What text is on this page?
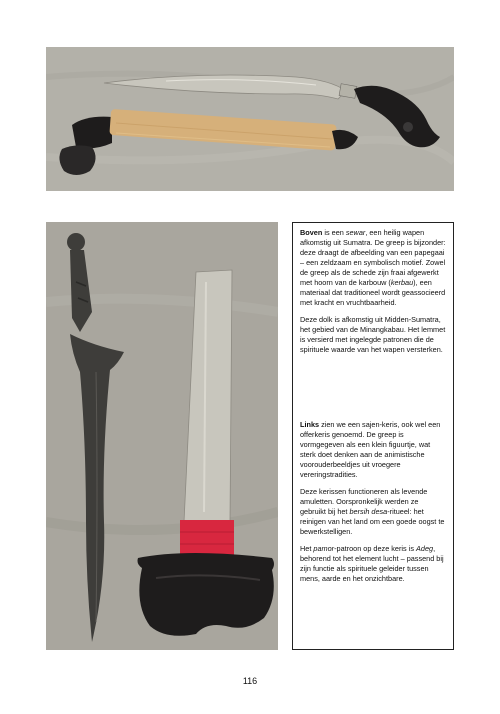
Boven is een sewar, een heilig wapen afkomstig uit Sumatra. De greep is bijzonder: deze draagt de afbeelding van een papegaai – een zeldzaam en symbolisch motief. Zowel de greep als de schede zijn fraai afgewerkt met hoorn van de karbouw (kerbau), een materiaal dat traditioneel wordt geassocieerd met kracht en vruchtbaarheid.

Deze dolk is afkomstig uit Midden-Sumatra, het gebied van de Minangkabau. Het lemmet is versierd met ingelegde patronen die de spirituele waarde van het wapen versterken.

Links zien we een sajen-keris, ook wel een offerkeris genoemd. De greep is vormgegeven als een klein figuurtje, wat sterk doet denken aan de animistische voorouderbeeldjes uit vroegere vereringstradities.

Deze kerissen functioneren als levende amuletten. Oorspronkelijk werden ze gebruikt bij het bersih desa-ritueel: het reinigen van het land om een goede oogst te bewerkstelligen.

Het pamor-patroon op deze keris is Adeg, behorend tot het element lucht – passend bij zijn functie als spirituele geleider tussen mens, aarde en het onzichtbare.

116
